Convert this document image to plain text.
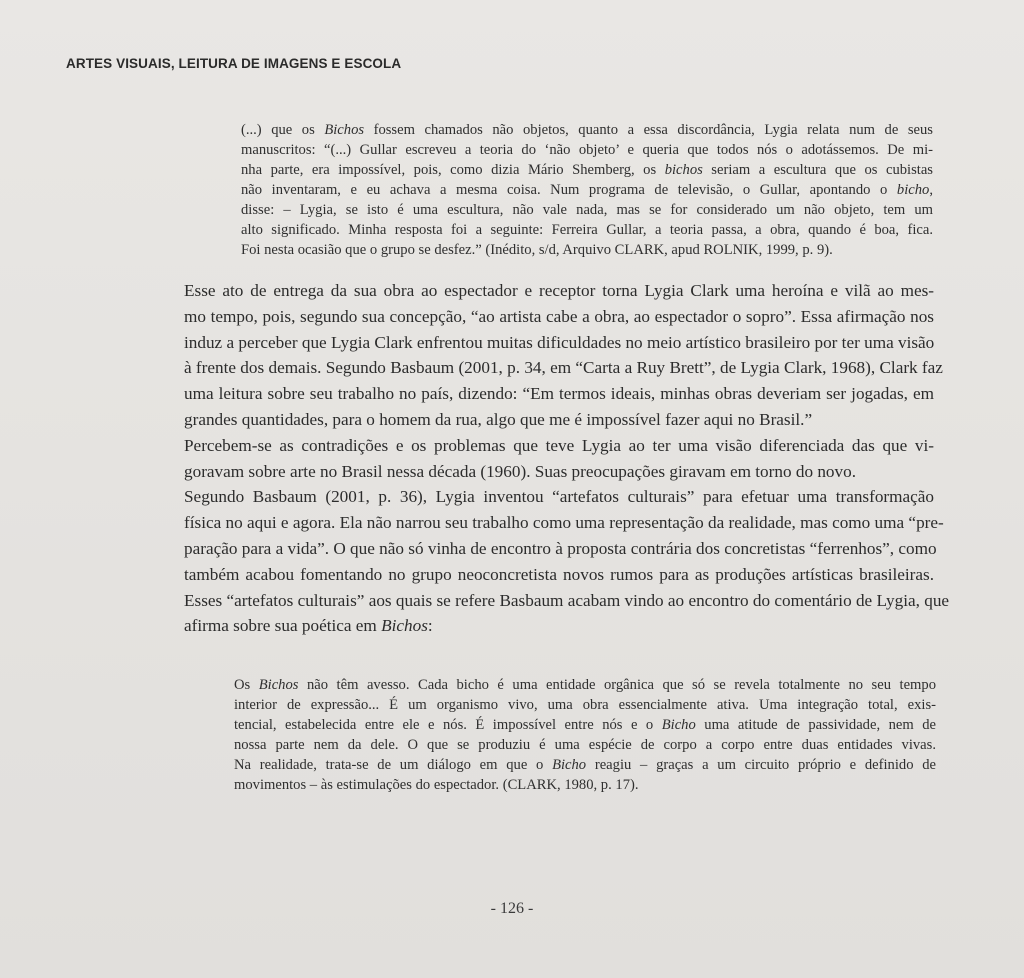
ARTES VISUAIS, LEITURA DE IMAGENS E ESCOLA
(...) que os Bichos fossem chamados não objetos, quanto a essa discordância, Lygia relata num de seus
manuscritos: “(...) Gullar escreveu a teoria do ‘não objeto’ e queria que todos nós o adotássemos. De mi-
nha parte, era impossível, pois, como dizia Mário Shemberg, os bichos seriam a escultura que os cubistas
não inventaram, e eu achava a mesma coisa. Num programa de televisão, o Gullar, apontando o bicho,
disse: – Lygia, se isto é uma escultura, não vale nada, mas se for considerado um não objeto, tem um
alto significado. Minha resposta foi a seguinte: Ferreira Gullar, a teoria passa, a obra, quando é boa, fica.
Foi nesta ocasião que o grupo se desfez.” (Inédito, s/d, Arquivo CLARK, apud ROLNIK, 1999, p. 9).

Esse ato de entrega da sua obra ao espectador e receptor torna Lygia Clark uma heroína e vilã ao mes-
mo tempo, pois, segundo sua concepção, “ao artista cabe a obra, ao espectador o sopro”. Essa afirmação nos
induz a perceber que Lygia Clark enfrentou muitas dificuldades no meio artístico brasileiro por ter uma visão
à frente dos demais. Segundo Basbaum (2001, p. 34, em “Carta a Ruy Brett”, de Lygia Clark, 1968), Clark faz
uma leitura sobre seu trabalho no país, dizendo: “Em termos ideais, minhas obras deveriam ser jogadas, em
grandes quantidades, para o homem da rua, algo que me é impossível fazer aqui no Brasil.”

Percebem-se as contradições e os problemas que teve Lygia ao ter uma visão diferenciada das que vi-
goravam sobre arte no Brasil nessa década (1960). Suas preocupações giravam em torno do novo.

Segundo Basbaum (2001, p. 36), Lygia inventou “artefatos culturais” para efetuar uma transformação
física no aqui e agora. Ela não narrou seu trabalho como uma representação da realidade, mas como uma “pre-
paração para a vida”. O que não só vinha de encontro à proposta contrária dos concretistas “ferrenhos”, como
também acabou fomentando no grupo neoconcretista novos rumos para as produções artísticas brasileiras.
Esses “artefatos culturais” aos quais se refere Basbaum acabam vindo ao encontro do comentário de Lygia, que
afirma sobre sua poética em Bichos:

Os Bichos não têm avesso. Cada bicho é uma entidade orgânica que só se revela totalmente no seu tempo
interior de expressão... É um organismo vivo, uma obra essencialmente ativa. Uma integração total, exis-
tencial, estabelecida entre ele e nós. É impossível entre nós e o Bicho uma atitude de passividade, nem de
nossa parte nem da dele. O que se produziu é uma espécie de corpo a corpo entre duas entidades vivas.
Na realidade, trata-se de um diálogo em que o Bicho reagiu – graças a um circuito próprio e definido de
movimentos – às estimulações do espectador. (CLARK, 1980, p. 17).
- 126 -
